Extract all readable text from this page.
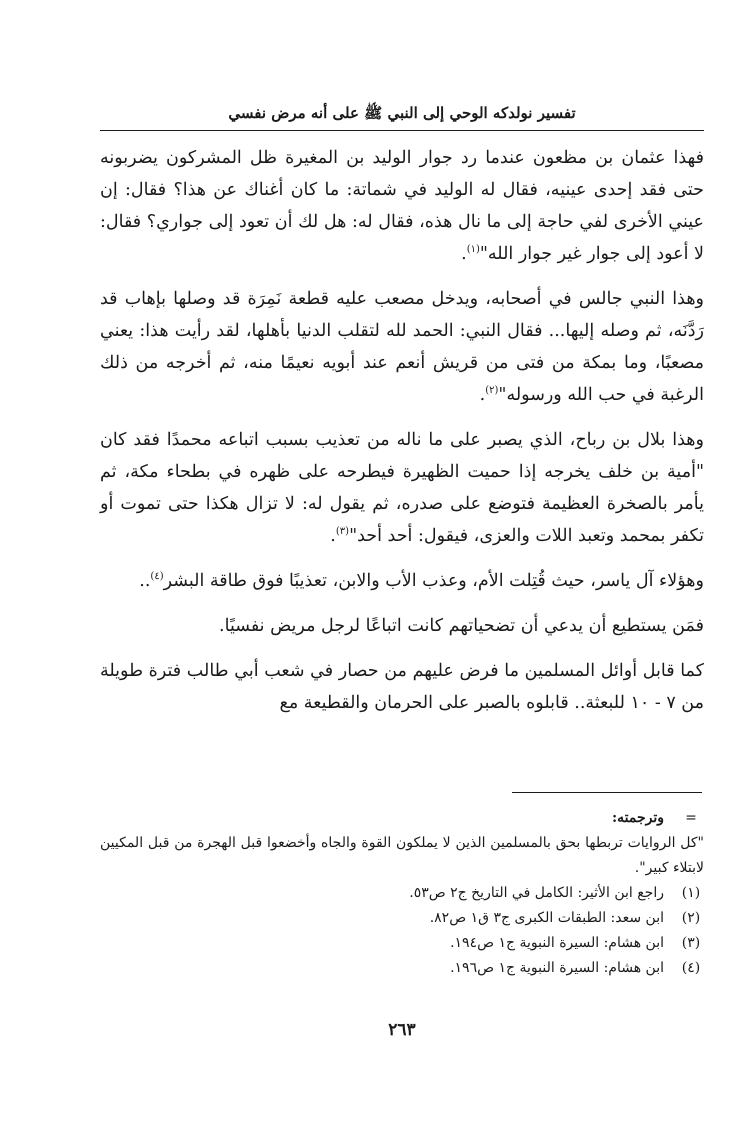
تفسير نولدكه الوحي إلى النبي ﷺ على أنه مرض نفسي

فهذا عثمان بن مظعون عندما رد جوار الوليد بن المغيرة ظل المشركون يضربونه حتى فقد إحدى عينيه، فقال له الوليد في شماتة: ما كان أغناك عن هذا؟ فقال: إن عيني الأخرى لفي حاجة إلى ما نال هذه، فقال له: هل لك أن تعود إلى جواري؟ فقال: لا أعود إلى جوار غير جوار الله"$^{(١)}$.

وهذا النبي جالس في أصحابه، ويدخل مصعب عليه قطعة نَمِرَة قد وصلها بإهاب قد رَدَّنَه، ثم وصله إليها... فقال النبي: الحمد لله لتقلب الدنيا بأهلها، لقد رأيت هذا: يعني مصعبًا، وما بمكة من فتى من قريش أنعم عند أبويه نعيمًا منه، ثم أخرجه من ذلك الرغبة في حب الله ورسوله"$^{(٢)}$.

وهذا بلال بن رباح، الذي يصبر على ما ناله من تعذيب بسبب اتباعه محمدًا فقد كان "أمية بن خلف يخرجه إذا حميت الظهيرة فيطرحه على ظهره في بطحاء مكة، ثم يأمر بالصخرة العظيمة فتوضع على صدره، ثم يقول له: لا تزال هكذا حتى تموت أو تكفر بمحمد وتعبد اللات والعزى، فيقول: أحد أحد"$^{(٣)}$.

وهؤلاء آل ياسر، حيث قُتِلت الأم، وعذب الأب والابن، تعذيبًا فوق طاقة البشر$^{(٤)}$..

فمَن يستطيع أن يدعي أن تضحياتهم كانت اتباعًا لرجل مريض نفسيًا.

كما قابل أوائل المسلمين ما فرض عليهم من حصار في شعب أبي طالب فترة طويلة من ٧ - ١٠ للبعثة.. قابلوه بالصبر على الحرمان والقطيعة مع

=
وترجمته:

"كل الروايات تربطها بحق بالمسلمين الذين لا يملكون القوة والجاه وأخضعوا قبل الهجرة من قبل المكيين لابتلاء كبير".

(١)
راجع ابن الأثير: الكامل في التاريخ ج٢ ص٥٣.
(٢)
ابن سعد: الطبقات الكبرى ج٣ ق١ ص٨٢.
(٣)
ابن هشام: السيرة النبوية ج١ ص١٩٤.
(٤)
ابن هشام: السيرة النبوية ج١ ص١٩٦.
٢٦٣
